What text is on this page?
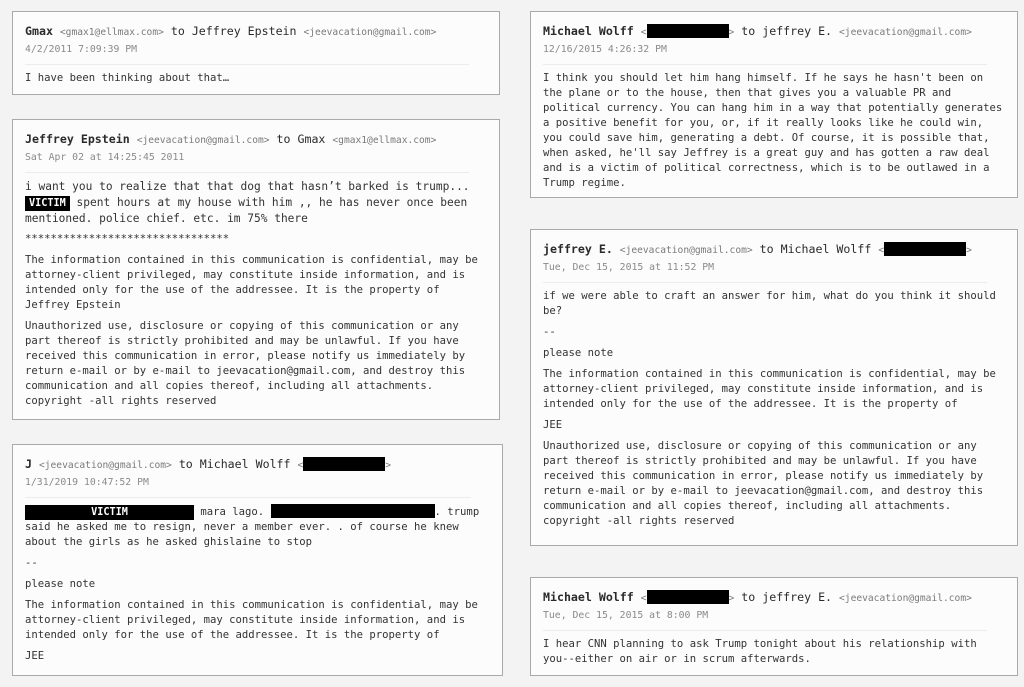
Gmax <gmax1@ellmax.com> to Jeffrey Epstein <jeevacation@gmail.com>
4/2/2011 7:09:39 PM
I have been thinking about that…
Jeffrey Epstein <jeevacation@gmail.com> to Gmax <gmax1@ellmax.com>
Sat Apr 02 at 14:25:45 2011
i want you to realize that that dog that hasn’t barked is trump...
VICTIM spent hours at my house with him ,, he has never once been mentioned. police chief. etc. im 75% there
********************************
The information contained in this communication is confidential, may be attorney-client privileged, may constitute inside information, and is intended only for the use of the addressee. It is the property of Jeffrey Epstein
Unauthorized use, disclosure or copying of this communication or any part thereof is strictly prohibited and may be unlawful. If you have received this communication in error, please notify us immediately by return e-mail or by e-mail to jeevacation@gmail.com, and destroy this communication and all copies thereof, including all attachments. copyright -all rights reserved
J <jeevacation@gmail.com> to Michael Wolff <	>
1/31/2019 10:47:52 PM
VICTIM	mara lago.	. trump said he asked me to resign, never a member ever. . of course he knew about the girls as he asked ghislaine to stop
--
please note
The information contained in this communication is confidential, may be attorney-client privileged, may constitute inside information, and is intended only for the use of the addressee. It is the property of
JEE
Michael Wolff <	> to jeffrey E. <jeevacation@gmail.com>
12/16/2015 4:26:32 PM
I think you should let him hang himself. If he says he hasn't been on the plane or to the house, then that gives you a valuable PR and political currency. You can hang him in a way that potentially generates a positive benefit for you, or, if it really looks like he could win, you could save him, generating a debt. Of course, it is possible that, when asked, he'll say Jeffrey is a great guy and has gotten a raw deal and is a victim of political correctness, which is to be outlawed in a Trump regime.
jeffrey E. <jeevacation@gmail.com> to Michael Wolff <	>
Tue, Dec 15, 2015 at 11:52 PM
if we were able to craft an answer for him, what do you think it should be?
--
please note
The information contained in this communication is confidential, may be attorney-client privileged, may constitute inside information, and is intended only for the use of the addressee. It is the property of
JEE
Unauthorized use, disclosure or copying of this communication or any part thereof is strictly prohibited and may be unlawful. If you have received this communication in error, please notify us immediately by return e-mail or by e-mail to jeevacation@gmail.com, and destroy this communication and all copies thereof, including all attachments. copyright -all rights reserved
Michael Wolff <	> to jeffrey E. <jeevacation@gmail.com>
Tue, Dec 15, 2015 at 8:00 PM
I hear CNN planning to ask Trump tonight about his relationship with you--either on air or in scrum afterwards.
